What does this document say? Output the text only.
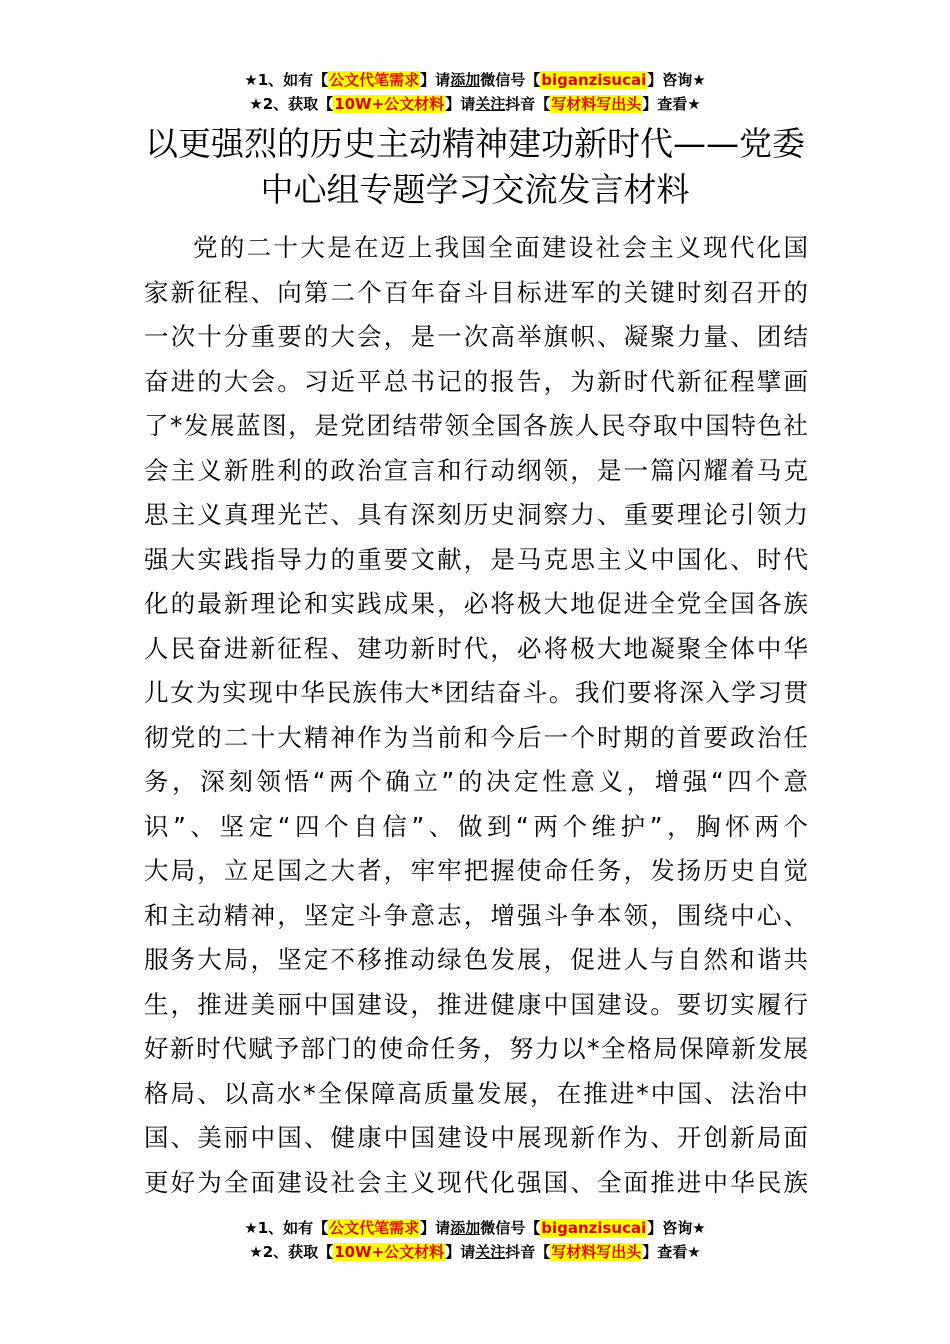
★1、如有【公文代笔需求】请添加微信号【biganzisucai】咨询★
★2、获取【10W+公文材料】请关注抖音【写材料写出头】查看★
以更强烈的历史主动精神建功新时代——党委中心组专题学习交流发言材料
党的二十大是在迈上我国全面建设社会主义现代化国
家新征程、向第二个百年奋斗目标进军的关键时刻召开的
一次十分重要的大会，是一次高举旗帜、凝聚力量、团结
奋进的大会。习近平总书记的报告，为新时代新征程擘画
了*发展蓝图，是党团结带领全国各族人民夺取中国特色社
会主义新胜利的政治宣言和行动纲领，是一篇闪耀着马克
思主义真理光芒、具有深刻历史洞察力、重要理论引领力
强大实践指导力的重要文献，是马克思主义中国化、时代
化的最新理论和实践成果，必将极大地促进全党全国各族
人民奋进新征程、建功新时代，必将极大地凝聚全体中华
儿女为实现中华民族伟大*团结奋斗。我们要将深入学习贯
彻党的二十大精神作为当前和今后一个时期的首要政治任
务，深刻领悟“两个确立”的决定性意义，增强“四个意
识”、坚定“四个自信”、做到“两个维护”，胸怀两个
大局，立足国之大者，牢牢把握使命任务，发扬历史自觉
和主动精神，坚定斗争意志，增强斗争本领，围绕中心、
服务大局，坚定不移推动绿色发展，促进人与自然和谐共
生，推进美丽中国建设，推进健康中国建设。要切实履行
好新时代赋予部门的使命任务，努力以*全格局保障新发展
格局、以高水*全保障高质量发展，在推进*中国、法治中
国、美丽中国、健康中国建设中展现新作为、开创新局面
更好为全面建设社会主义现代化强国、全面推进中华民族
★1、如有【公文代笔需求】请添加微信号【biganzisucai】咨询★
★2、获取【10W+公文材料】请关注抖音【写材料写出头】查看★
